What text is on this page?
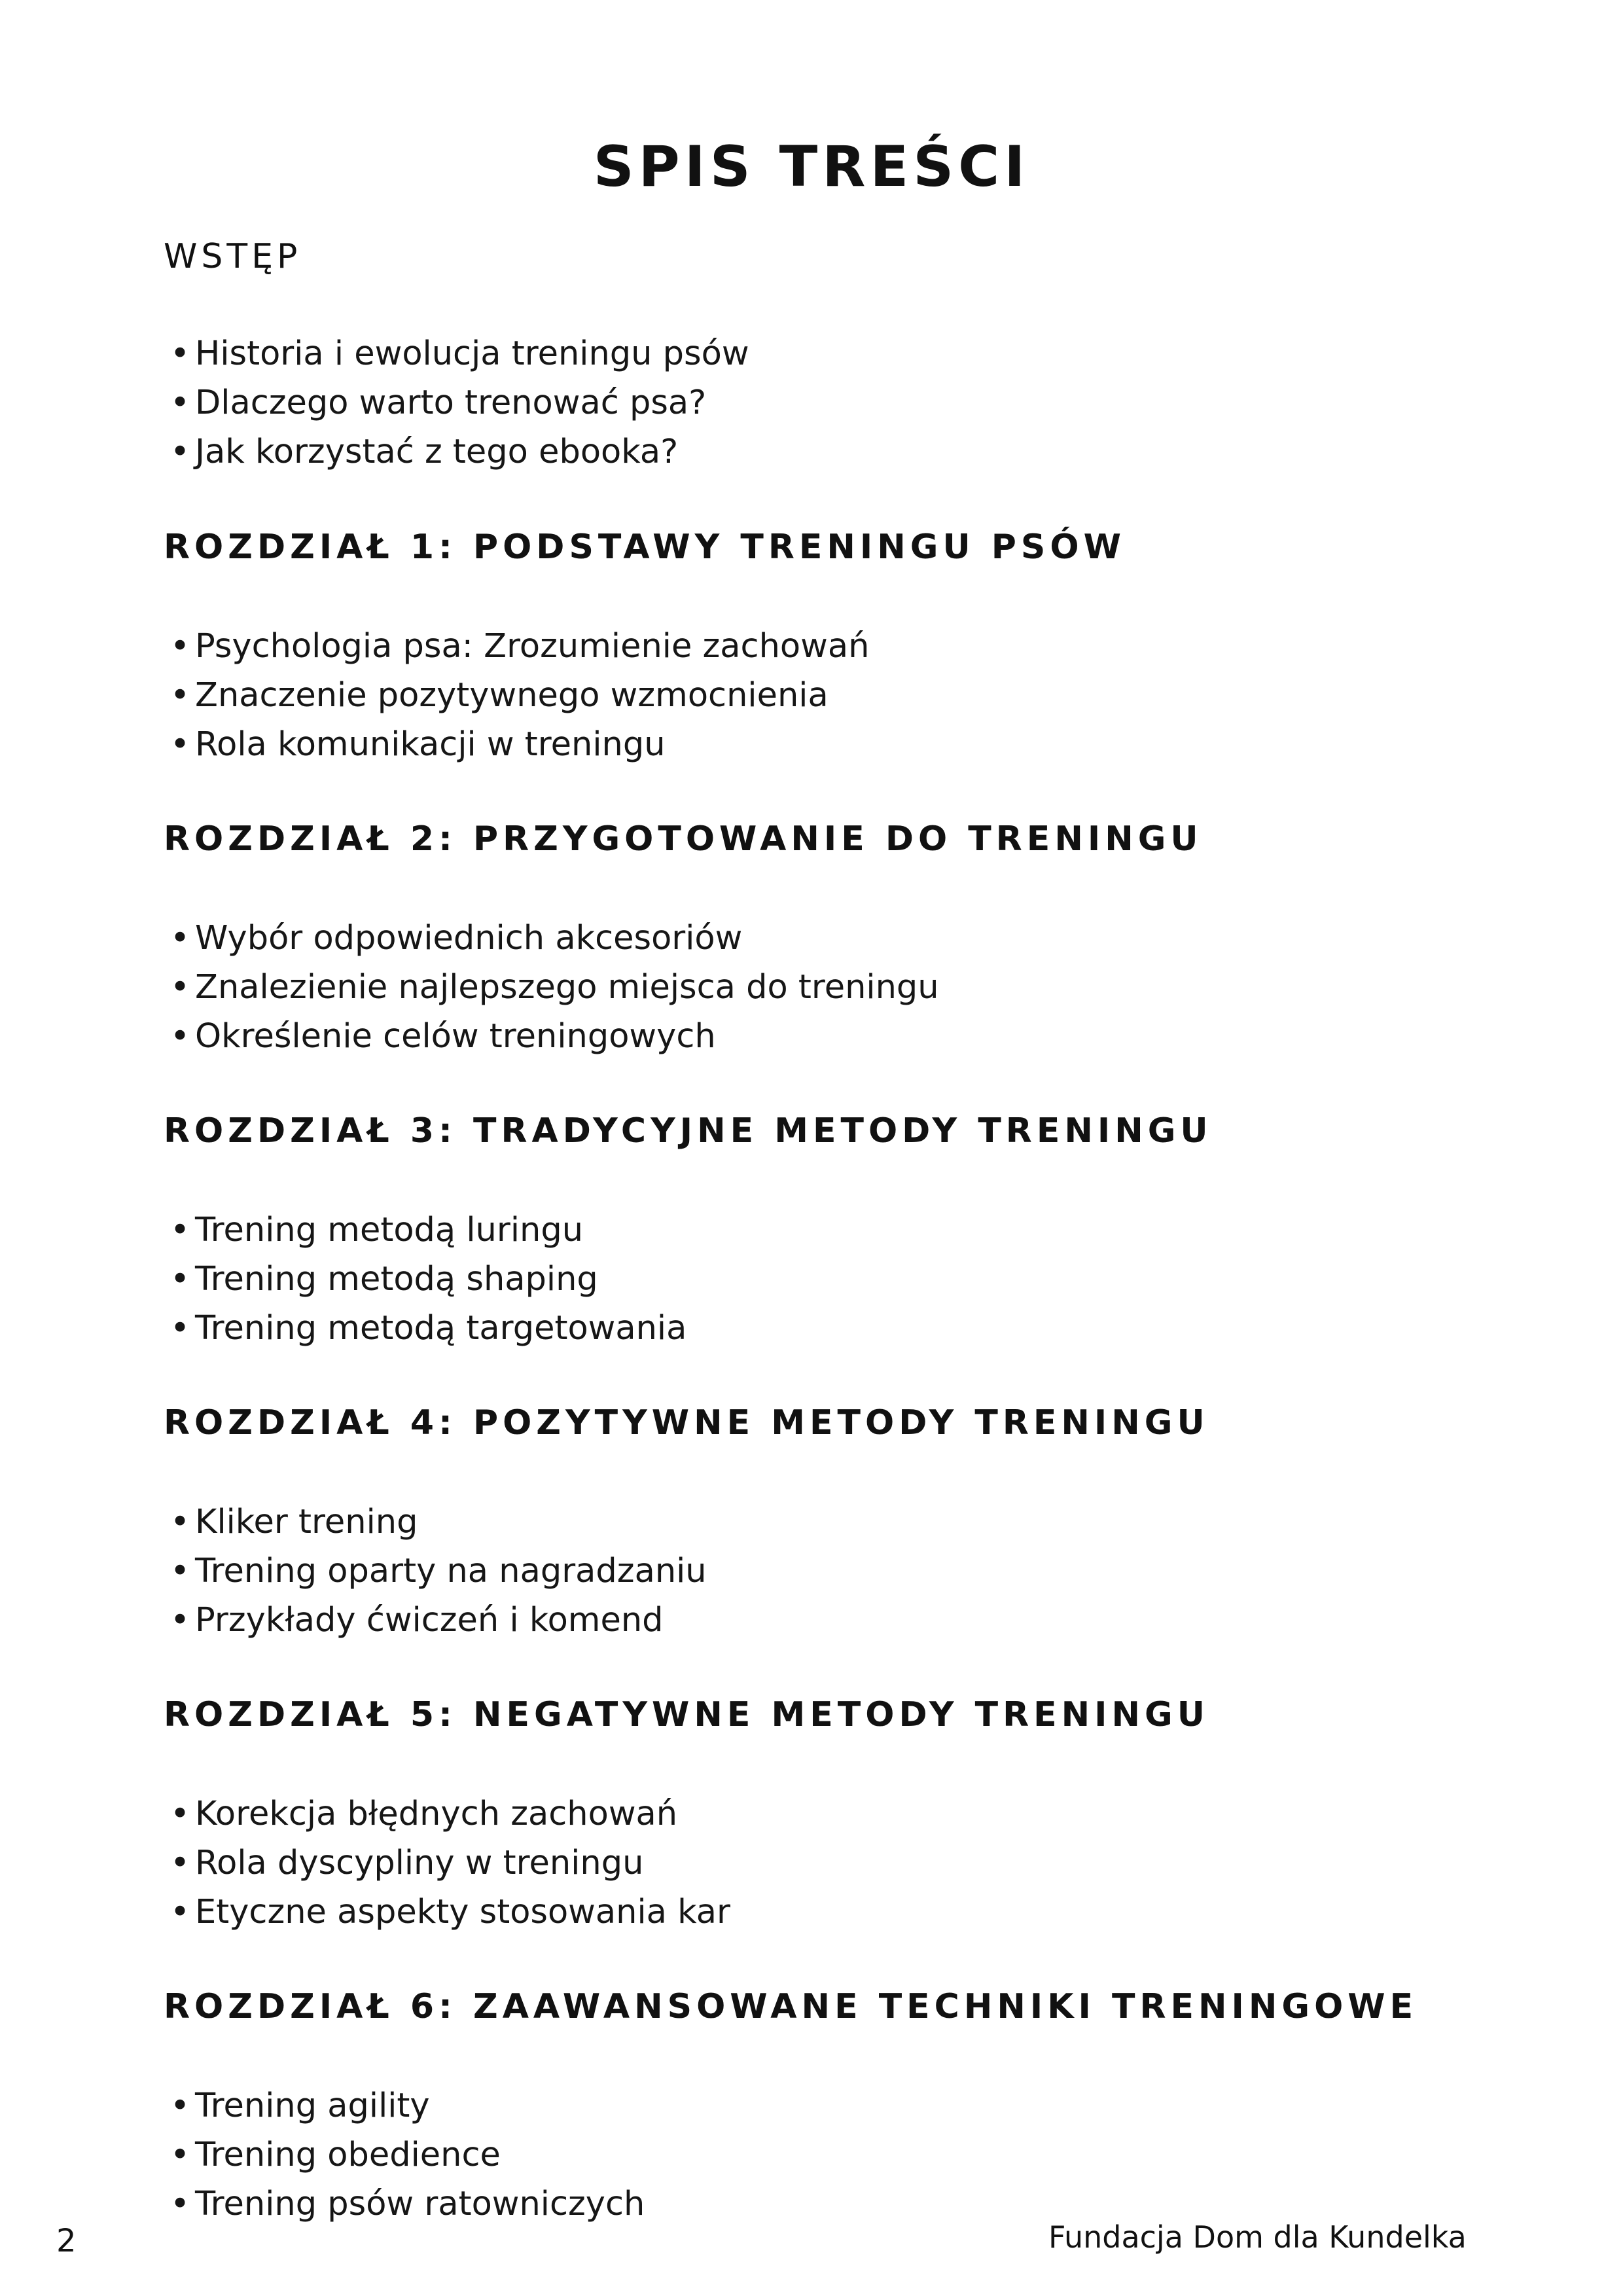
SPIS TREŚCI
WSTĘP
• Historia i ewolucja treningu psów
• Dlaczego warto trenować psa?
• Jak korzystać z tego ebooka?
ROZDZIAŁ 1: PODSTAWY TRENINGU PSÓW
• Psychologia psa: Zrozumienie zachowań
• Znaczenie pozytywnego wzmocnienia
• Rola komunikacji w treningu
ROZDZIAŁ 2: PRZYGOTOWANIE DO TRENINGU
• Wybór odpowiednich akcesoriów
• Znalezienie najlepszego miejsca do treningu
• Określenie celów treningowych
ROZDZIAŁ 3: TRADYCYJNE METODY TRENINGU
• Trening metodą luringu
• Trening metodą shaping
• Trening metodą targetowania
ROZDZIAŁ 4: POZYTYWNE METODY TRENINGU
• Kliker trening
• Trening oparty na nagradzaniu
• Przykłady ćwiczeń i komend
ROZDZIAŁ 5: NEGATYWNE METODY TRENINGU
• Korekcja błędnych zachowań
• Rola dyscypliny w treningu
• Etyczne aspekty stosowania kar
ROZDZIAŁ 6: ZAAWANSOWANE TECHNIKI TRENINGOWE
• Trening agility
• Trening obedience
• Trening psów ratowniczych
2	Fundacja Dom dla Kundelka
